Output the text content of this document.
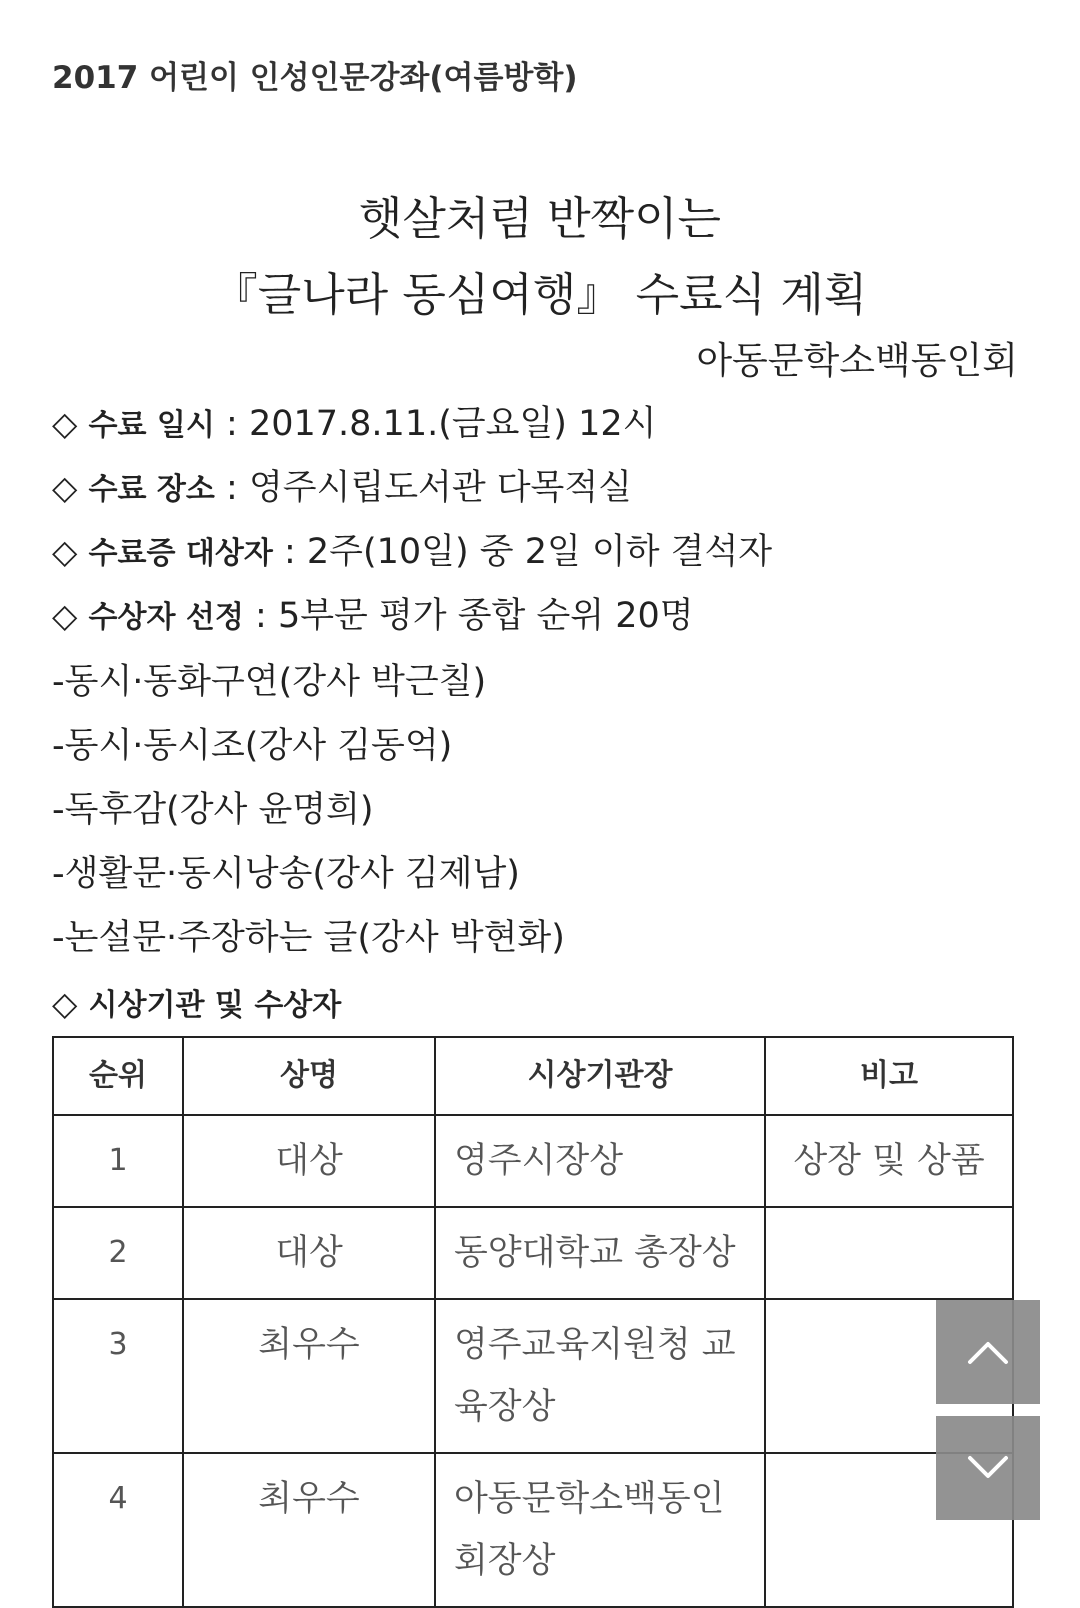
2017 어린이 인성인문강좌(여름방학)
햇살처럼 반짝이는
『글나라 동심여행』 수료식 계획
아동문학소백동인회
◇ 수료 일시 : 2017.8.11.(금요일) 12시
◇ 수료 장소 : 영주시립도서관 다목적실
◇ 수료증 대상자 : 2주(10일) 중 2일 이하 결석자
◇ 수상자 선정 : 5부문 평가 종합 순위 20명
-동시·동화구연(강사 박근칠)
-동시·동시조(강사 김동억)
-독후감(강사 윤명희)
-생활문·동시낭송(강사 김제남)
-논설문·주장하는 글(강사 박현화)
◇ 시상기관 및 수상자
순위	상명	시상기관장	비고
1	대상	영주시장상	상장 및 상품
2	대상	동양대학교 총장상	
3	최우수	영주교육지원청 교육장상	
4	최우수	아동문학소백동인회장상	
